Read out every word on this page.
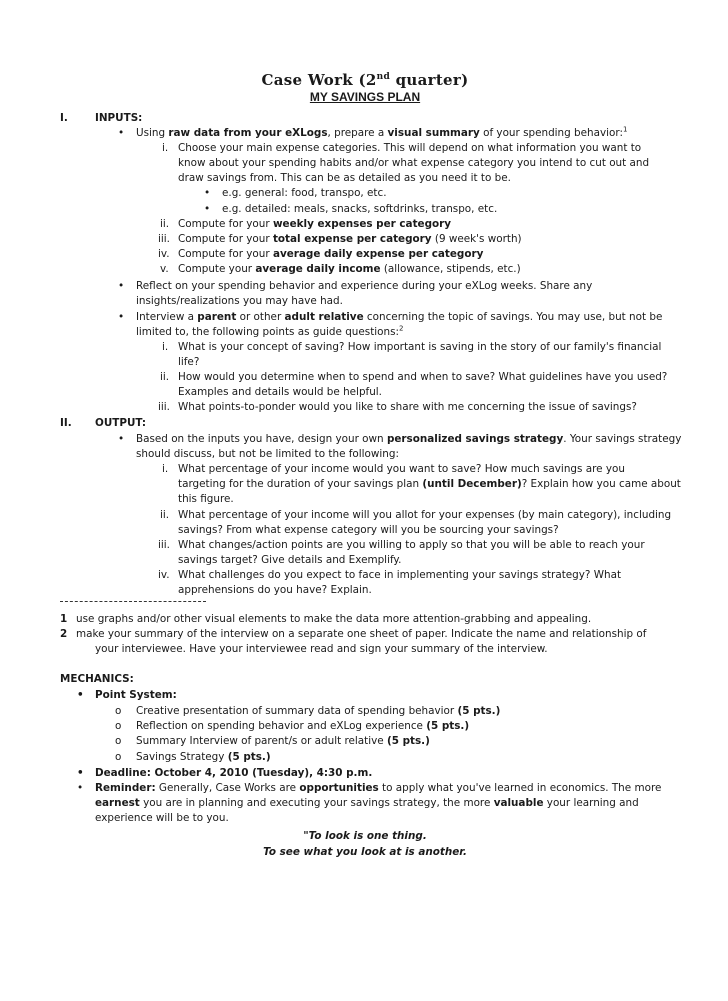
Case Work (2nd quarter)
MY SAVINGS PLAN
I.	INPUTS:
• Using raw data from your eXLogs, prepare a visual summary of your spending behavior:$^1$
i. Choose your main expense categories. This will depend on what information you want to
know about your spending habits and/or what expense category you intend to cut out and
draw savings from. This can be as detailed as you need it to be.
• e.g. general: food, transpo, etc.
• e.g. detailed: meals, snacks, softdrinks, transpo, etc.
ii. Compute for your weekly expenses per category
iii. Compute for your total expense per category (9 week's worth)
iv. Compute for your average daily expense per category
v. Compute your average daily income (allowance, stipends, etc.)
• Reflect on your spending behavior and experience during your eXLog weeks. Share any
insights/realizations you may have had.
• Interview a parent or other adult relative concerning the topic of savings. You may use, but not be
limited to, the following points as guide questions:$^2$
i. What is your concept of saving? How important is saving in the story of our family's financial
life?
ii. How would you determine when to spend and when to save? What guidelines have you used?
Examples and details would be helpful.
iii. What points-to-ponder would you like to share with me concerning the issue of savings?
II. OUTPUT:
• Based on the inputs you have, design your own personalized savings strategy. Your savings strategy
should discuss, but not be limited to the following:
i. What percentage of your income would you want to save? How much savings are you
targeting for the duration of your savings plan (until December)? Explain how you came about
this figure.
ii. What percentage of your income will you allot for your expenses (by main category), including
savings? From what expense category will you be sourcing your savings?
iii. What changes/action points are you willing to apply so that you will be able to reach your
savings target? Give details and Exemplify.
iv. What challenges do you expect to face in implementing your savings strategy? What
apprehensions do you have? Explain.
1 use graphs and/or other visual elements to make the data more attention-grabbing and appealing.
2 make your summary of the interview on a separate one sheet of paper. Indicate the name and relationship of
your interviewee. Have your interviewee read and sign your summary of the interview.
MECHANICS:
• Point System:
o Creative presentation of summary data of spending behavior (5 pts.)
o Reflection on spending behavior and eXLog experience (5 pts.)
o Summary Interview of parent/s or adult relative (5 pts.)
o Savings Strategy (5 pts.)
• Deadline: October 4, 2010 (Tuesday), 4:30 p.m.
• Reminder: Generally, Case Works are opportunities to apply what you've learned in economics. The more
earnest you are in planning and executing your savings strategy, the more valuable your learning and
experience will be to you.
"To look is one thing.
To see what you look at is another.
